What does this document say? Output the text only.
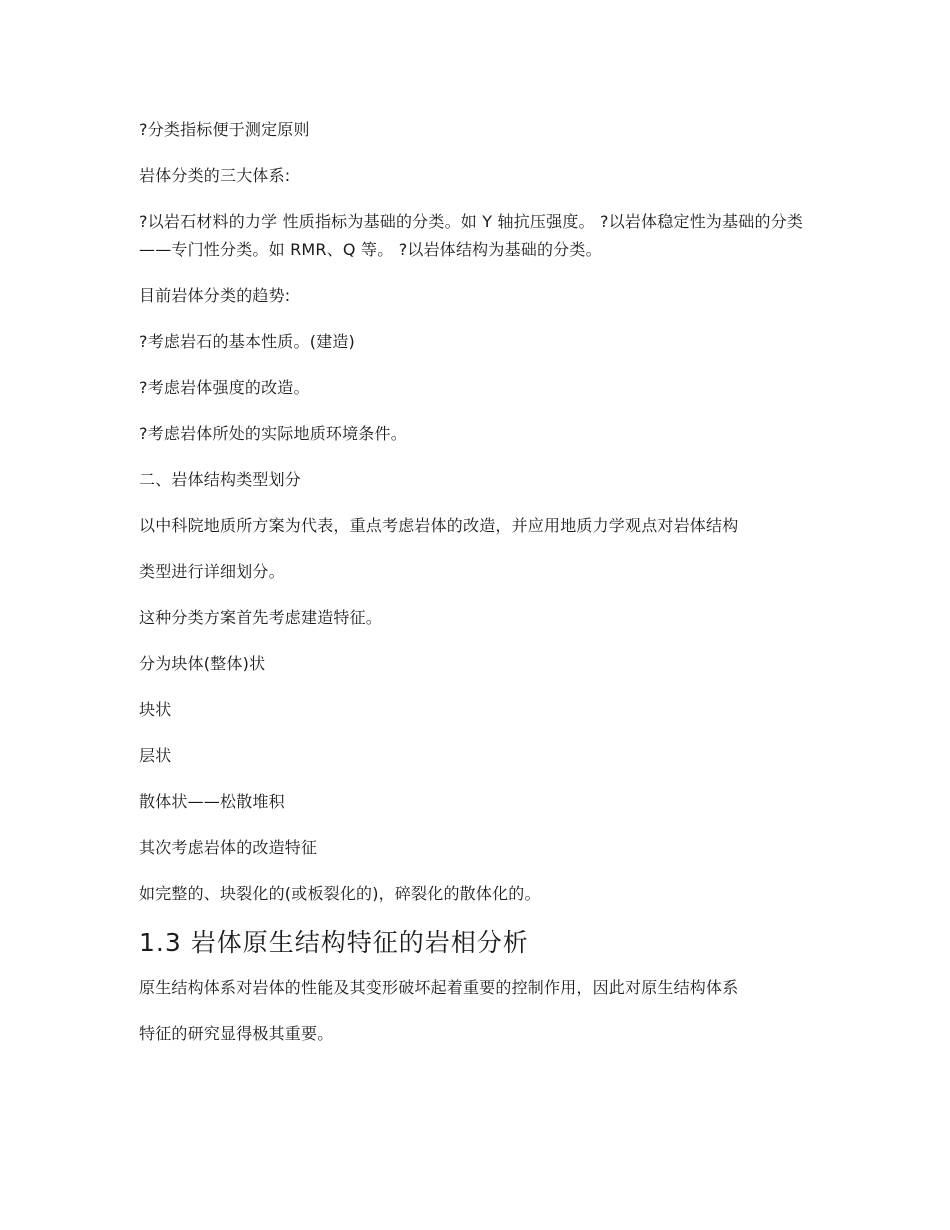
?分类指标便于测定原则

岩体分类的三大体系:

?以岩石材料的力学 性质指标为基础的分类。如 Y 轴抗压强度。 ?以岩体稳定性为基础的分类——专门性分类。如 RMR、Q 等。 ?以岩体结构为基础的分类。

目前岩体分类的趋势:

?考虑岩石的基本性质。(建造)

?考虑岩体强度的改造。

?考虑岩体所处的实际地质环境条件。

二、岩体结构类型划分

以中科院地质所方案为代表，重点考虑岩体的改造，并应用地质力学观点对岩体结构

类型进行详细划分。

这种分类方案首先考虑建造特征。

分为块体(整体)状

块状

层状

散体状——松散堆积

其次考虑岩体的改造特征

如完整的、块裂化的(或板裂化的)，碎裂化的散体化的。

1.3 岩体原生结构特征的岩相分析

原生结构体系对岩体的性能及其变形破坏起着重要的控制作用，因此对原生结构体系

特征的研究显得极其重要。
